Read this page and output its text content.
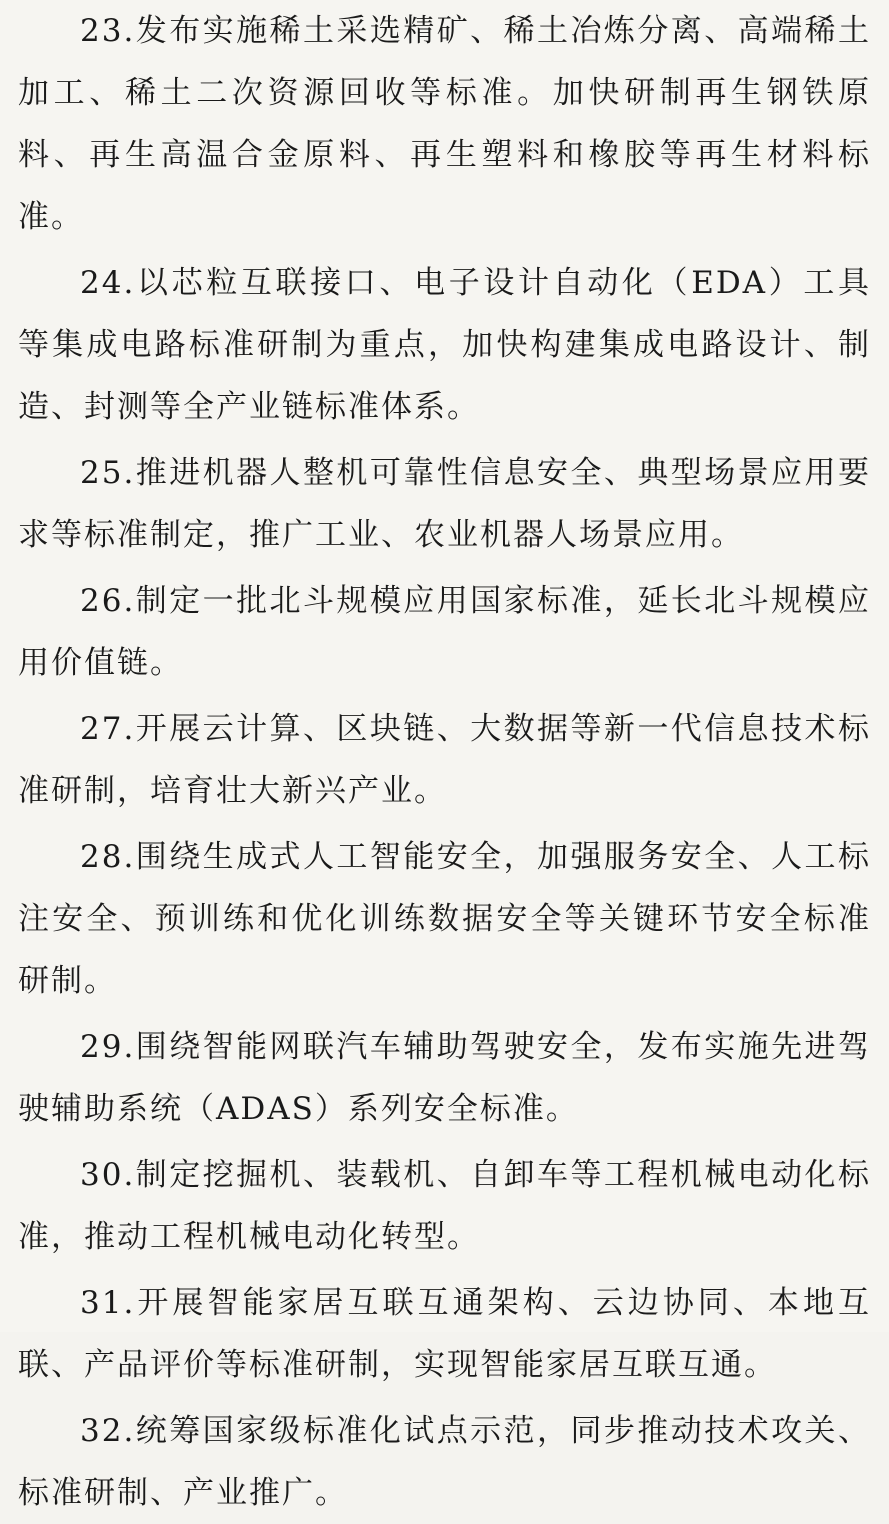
23.发布实施稀土采选精矿、稀土冶炼分离、高端稀土加工、稀土二次资源回收等标准。加快研制再生钢铁原料、再生高温合金原料、再生塑料和橡胶等再生材料标准。

24.以芯粒互联接口、电子设计自动化（EDA）工具等集成电路标准研制为重点，加快构建集成电路设计、制造、封测等全产业链标准体系。

25.推进机器人整机可靠性信息安全、典型场景应用要求等标准制定，推广工业、农业机器人场景应用。

26.制定一批北斗规模应用国家标准，延长北斗规模应用价值链。

27.开展云计算、区块链、大数据等新一代信息技术标准研制，培育壮大新兴产业。

28.围绕生成式人工智能安全，加强服务安全、人工标注安全、预训练和优化训练数据安全等关键环节安全标准研制。

29.围绕智能网联汽车辅助驾驶安全，发布实施先进驾驶辅助系统（ADAS）系列安全标准。

30.制定挖掘机、装载机、自卸车等工程机械电动化标准，推动工程机械电动化转型。

31.开展智能家居互联互通架构、云边协同、本地互联、产品评价等标准研制，实现智能家居互联互通。

32.统筹国家级标准化试点示范，同步推动技术攻关、标准研制、产业推广。
